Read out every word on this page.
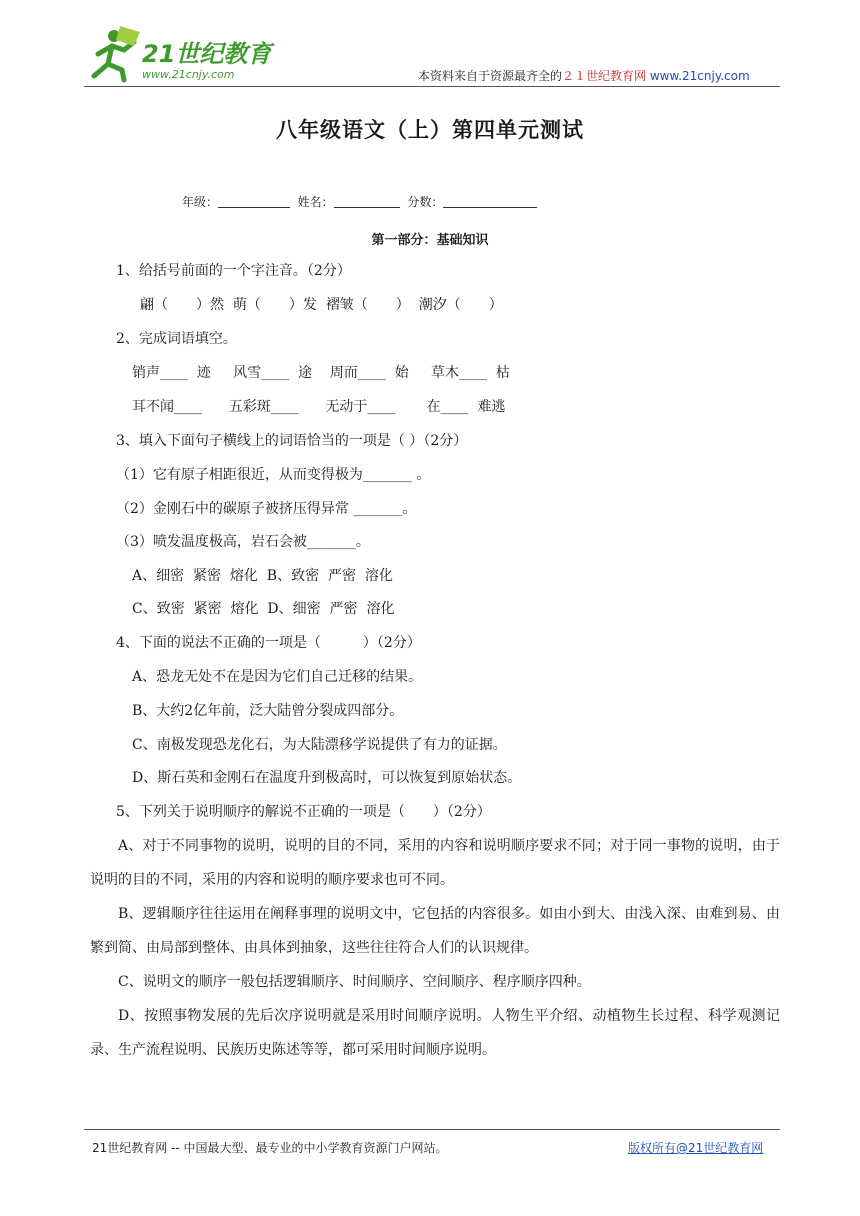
21世纪教育
www.21cnjy.com	本资料来自于资源最齐全的２１世纪教育网 www.21cnjy.com
八年级语文（上）第四单元测试
年级：	姓名：	分数：
第一部分：基础知识
1、给括号前面的一个字注音。（2分）
翩（　　）然  萌（　　）发  褶皱（　　）  潮汐（　　）
2、完成词语填空。
销声____  迹     风雪____  途    周而____  始     草木____  枯
耳不闻____      五彩斑____      无动于____       在____  难逃
3、填入下面句子横线上的词语恰当的一项是（ ）（2分）
（1）它有原子相距很近，从而变得极为_______ 。
（2）金刚石中的碳原子被挤压得异常 _______。
（3）喷发温度极高，岩石会被_______。
A、细密  紧密  熔化  B、致密  严密  溶化
C、致密  紧密  熔化  D、细密  严密  溶化
4、下面的说法不正确的一项是（　　　）（2分）
A、恐龙无处不在是因为它们自己迁移的结果。
B、大约2亿年前，泛大陆曾分裂成四部分。
C、南极发现恐龙化石，为大陆漂移学说提供了有力的证据。
D、斯石英和金刚石在温度升到极高时，可以恢复到原始状态。
5、下列关于说明顺序的解说不正确的一项是（　　）（2分）
A、对于不同事物的说明，说明的目的不同，采用的内容和说明顺序要求不同；对于同一事物的说明，由于说明的目的不同，采用的内容和说明的顺序要求也可不同。
B、逻辑顺序往往运用在阐释事理的说明文中，它包括的内容很多。如由小到大、由浅入深、由难到易、由繁到简、由局部到整体、由具体到抽象，这些往往符合人们的认识规律。
C、说明文的顺序一般包括逻辑顺序、时间顺序、空间顺序、程序顺序四种。
D、按照事物发展的先后次序说明就是采用时间顺序说明。人物生平介绍、动植物生长过程、科学观测记录、生产流程说明、民族历史陈述等等，都可采用时间顺序说明。
21世纪教育网 -- 中国最大型、最专业的中小学教育资源门户网站。	版权所有@21世纪教育网
